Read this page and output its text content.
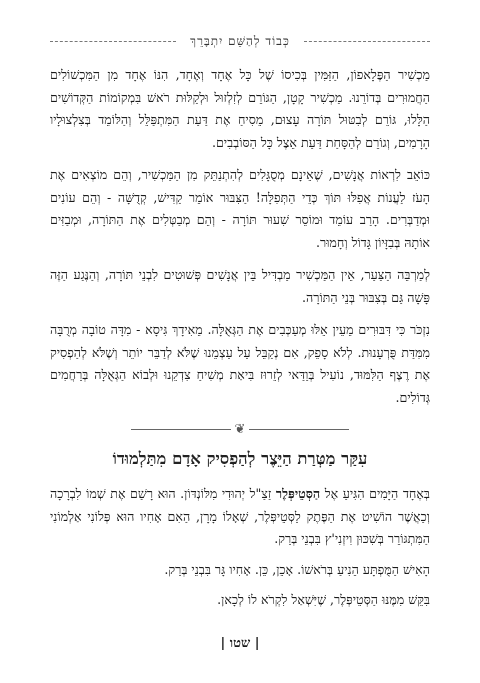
כְּבוֹד לְהַשֵּׁם יִתְבָּרֵךְ

מַכְשִׁיר הַפֶּלָאפוֹן, הַזַּמִּין בְּכִיסוֹ שֶׁל כָּל אֶחָד וְאֶחָד, הִנּוֹ אֶחָד מִן הַמִּכְשׁוֹלִים הַחֲמוּרִים בְּדוֹרֵנוּ. מַכְשִׁיר קָטָן, הַגּוֹרֵם לְזִלְזוּל וּלְקַלּוּת רֹאשׁ בִּמְקוֹמוֹת הַקְּדוֹשִׁים הַלָּלוּ, גּוֹרֵם לְבִטּוּל תּוֹרָה עָצוּם, מֵסִיחַ אֶת דַּעַת הַמִּתְפַּלֵּל וְהַלּוֹמֵד בְּצִלְצוּלָיו הָרָמִים, וְגוֹרֵם לְהַסָּחַת דַּעַת אֵצֶל כָּל הַסּוֹבְבִים.

כּוֹאֵב לִרְאוֹת אֲנָשִׁים, שֶׁאֵינָם מְסֻגָּלִים לְהִתְנַתֵּק מִן הַמַּכְשִׁיר, וְהֵם מוֹצְאִים אֶת הָעֹז לַעֲנוֹת אֲפִלּוּ תּוֹךְ כְּדֵי הַתְּפִלָּה! הַצִּבּוּר אוֹמֵר קַדִּישׁ, קְדֻשָּׁה - וְהֵם עוֹנִים וּמְדַבְּרִים. הָרַב עוֹמֵד וּמוֹסֵר שִׁעוּר תּוֹרָה - וְהֵם מְבַטְּלִים אֶת הַתּוֹרָה, וּמְבַזִּים אוֹתָהּ בְּבִזָּיוֹן גָּדוֹל וְחָמוּר.

לְמַרְבֵּה הַצַּעַר, אֵין הַמַּכְשִׁיר מַבְדִּיל בֵּין אֲנָשִׁים פְּשׁוּטִים לִבְנֵי תּוֹרָה, וְהַנֶּגַע הַזֶּה פָּשָׁה גַּם בְּצִבּוּר בְּנֵי הַתּוֹרָה.

נִזְכֹּר כִּי דִּבּוּרִים מֵעֵין אֵלּוּ מְעַכְּבִים אֶת הַגְּאֻלָּה. מֵאִידָךְ גִּיסָא - מִדָּה טוֹבָה מְרֻבָּה מִמִּדַּת פֻּרְעָנוּת. לְלֹא סָפֵק, אִם נְקַבֵּל עַל עַצְמֵנוּ שֶׁלֹּא לְדַבֵּר יוֹתֵר וְשֶׁלֹּא לְהַפְסִיק אֶת רֶצֶף הַלִּמּוּד, נוֹעִיל בְּוַדַּאי לְזֵרוּז בִּיאַת מְשִׁיחַ צִדְקֵנוּ וּלְבוֹא הַגְּאֻלָּה בְּרַחֲמִים גְּדוֹלִים.

❦
עִקַּר מַטְּרַת הַיֵּצֶר לְהַפְסִיק אָדָם מִתַּלְמוּדוֹ

בְּאֶחָד הַיָּמִים הִגִּיעַ אֶל הַסְּטֵיפְּלֶר זַצַ"ל יְהוּדִי מִלּוֹנְדּוֹן. הוּא רָשַׁם אֶת שְׁמוֹ לִבְרָכָה וְכַאֲשֶׁר הוֹשִׁיט אֶת הַפֶּתֶק לַסְּטֵיפְּלֶר, שְׁאָלוֹ מָרָן, הַאִם אָחִיו הוּא פְּלוֹנִי אַלְמוֹנִי הַמִּתְגּוֹרֵר בְּשִׁכּוּן וִיזְנִי'ץ בִּבְנֵי בְּרַק.

הָאִישׁ הַמֻּפְתָּע הֵנִיעַ בְּרֹאשׁוֹ. אָכֵן, כֵּן. אָחִיו גָּר בִּבְנֵי בְּרַק.

בִּקֵּשׁ מִמֶּנּוּ הַסְּטֵיפְּלֶר, שֶׁיִּשְׁאַל לִקְרֹא לוֹ לְכָאן.

| שטו |
